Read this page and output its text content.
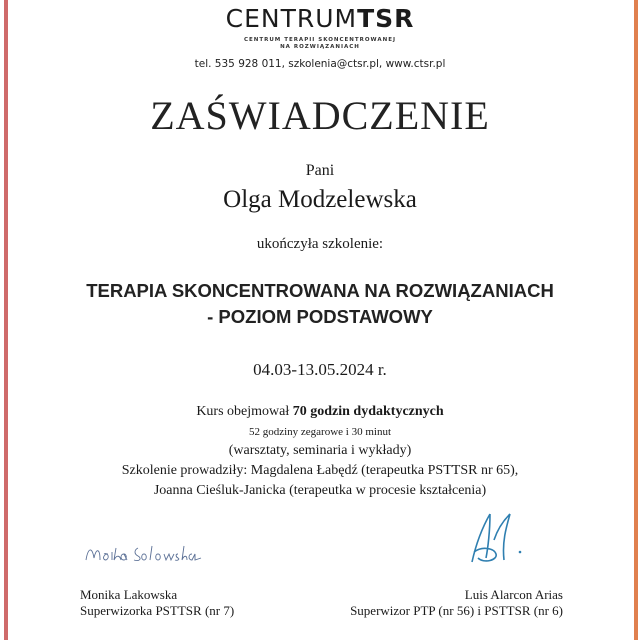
CENTRUMTSR
CENTRUM TERAPII SKONCENTROWANEJ
NA ROZWIĄZANIACH
tel. 535 928 011, szkolenia@ctsr.pl, www.ctsr.pl
ZAŚWIADCZENIE
Pani
Olga Modzelewska
ukończyła szkolenie:
TERAPIA SKONCENTROWANA NA ROZWIĄZANIACH
- POZIOM PODSTAWOWY
04.03-13.05.2024 r.
Kurs obejmował 70 godzin dydaktycznych
52 godziny zegarowe i 30 minut
(warsztaty, seminaria i wykłady)
Szkolenie prowadziły: Magdalena Łabędź (terapeutka PSTTSR nr 65),
Joanna Cieśluk-Janicka (terapeutka w procesie kształcenia)
Monika Lakowska
Superwizorka PSTTSR (nr 7)
Luis Alarcon Arias
Superwizor PTP (nr 56) i PSTTSR (nr 6)
